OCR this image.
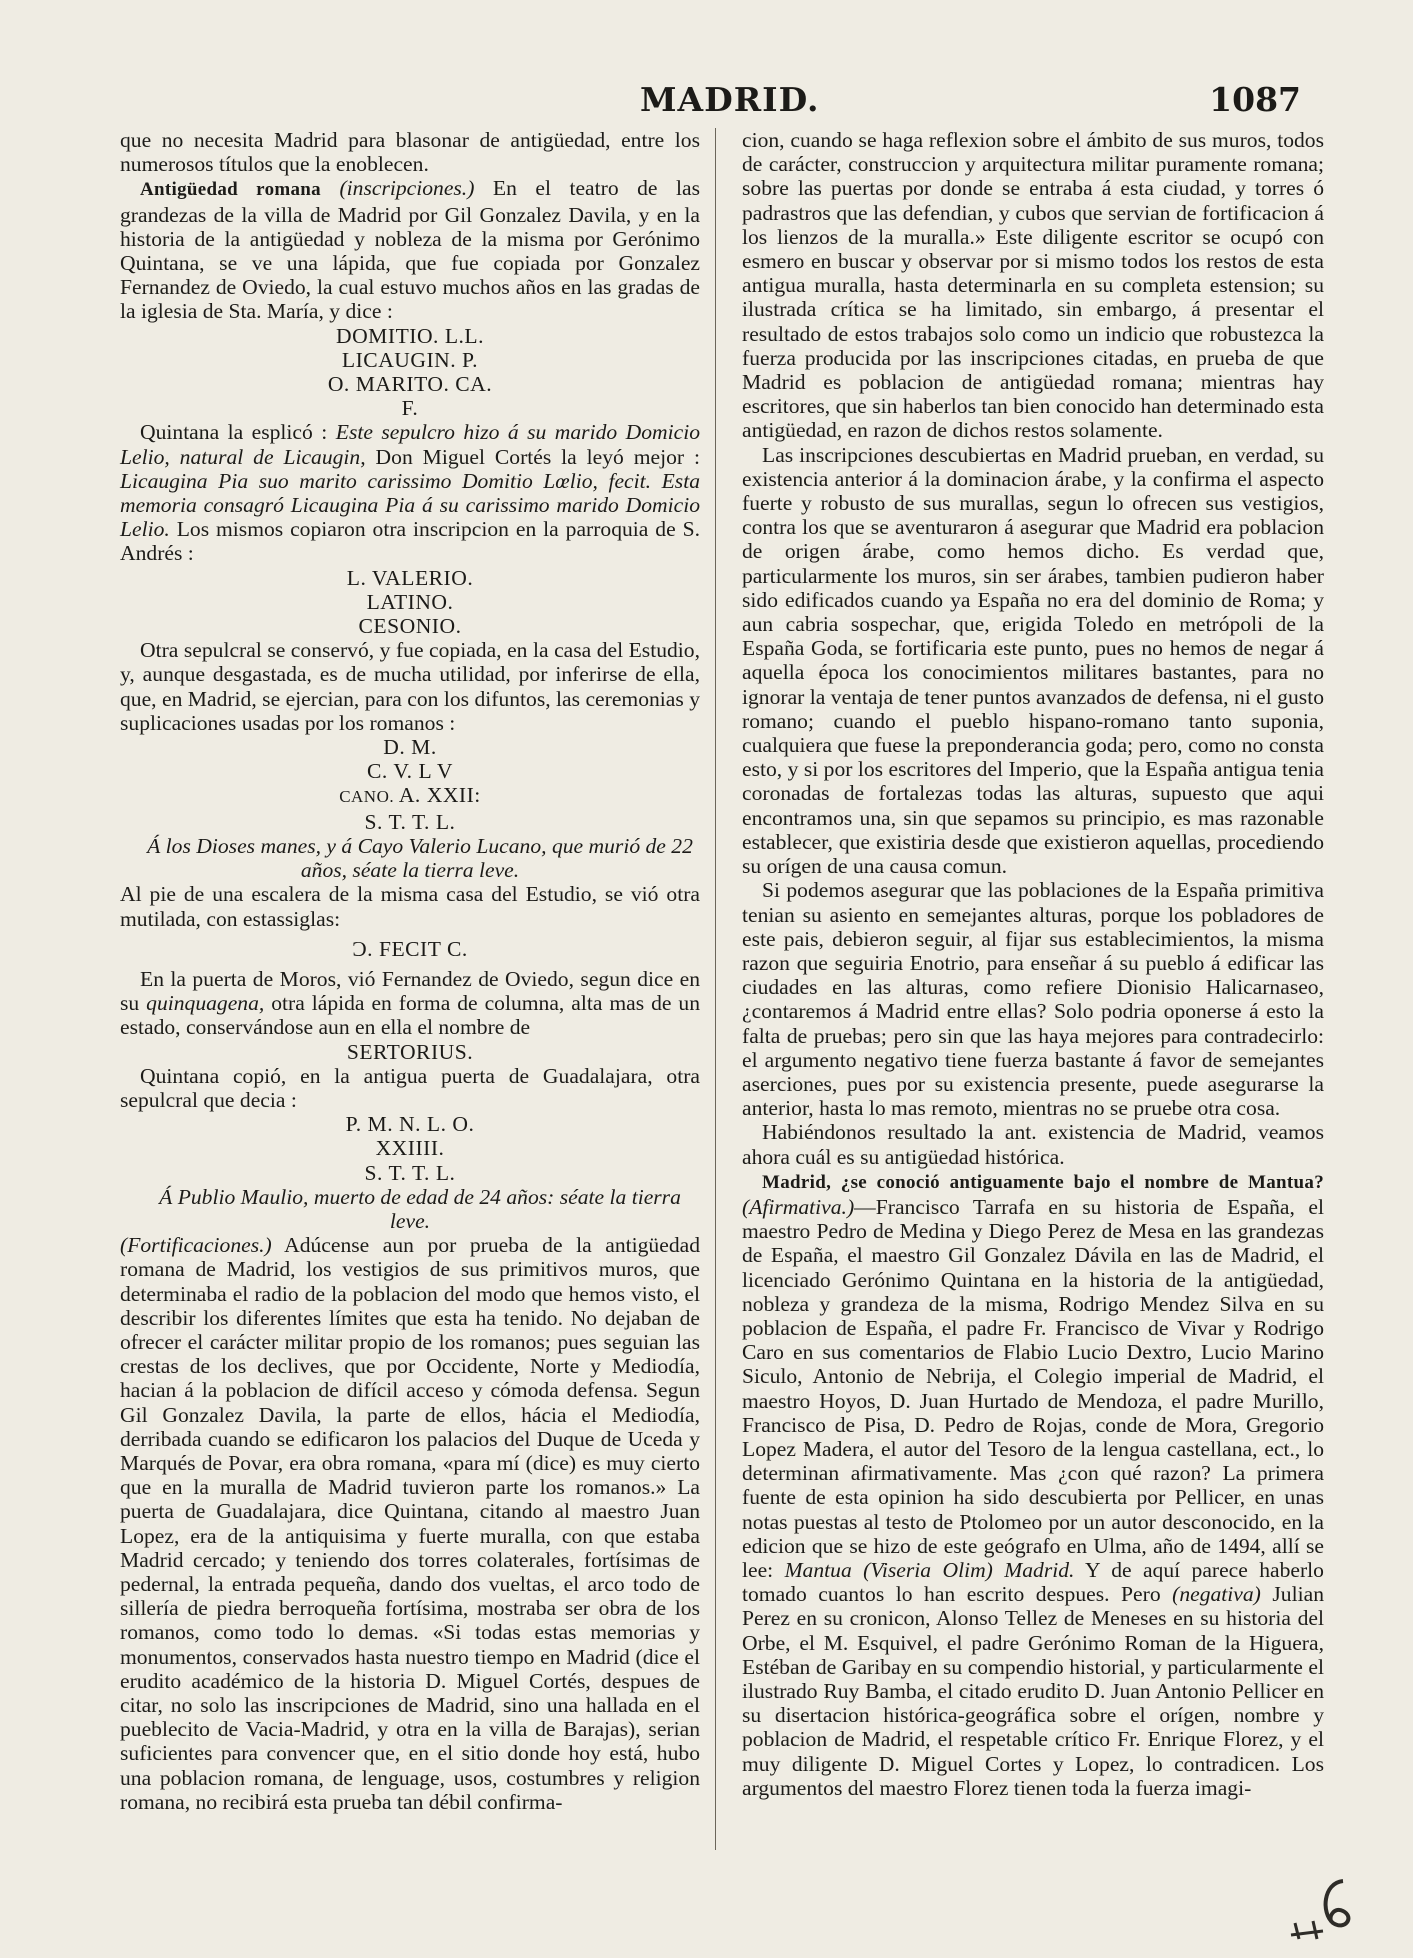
MADRID.	1087

que no necesita Madrid para blasonar de antigüedad, entre los numerosos títulos que la enoblecen.

Antigüedad romana (inscripciones.) En el teatro de las grandezas de la villa de Madrid por Gil Gonzalez Davila, y en la historia de la antigüedad y nobleza de la misma por Gerónimo Quintana, se ve una lápida, que fue copiada por Gonzalez Fernandez de Oviedo, la cual estuvo muchos años en las gradas de la iglesia de Sta. María, y dice :

DOMITIO. L.L.
LICAUGIN. P.
O. MARITO. CA.
F.

Quintana la esplicó : Este sepulcro hizo á su marido Domicio Lelio, natural de Licaugin, Don Miguel Cortés la leyó mejor : Licaugina Pia suo marito carissimo Domitio Lœlio, fecit. Esta memoria consagró Licaugina Pia á su carissimo marido Domicio Lelio. Los mismos copiaron otra inscripcion en la parroquia de S. Andrés :

L. VALERIO.
LATINO.
CESONIO.

Otra sepulcral se conservó, y fue copiada, en la casa del Estudio, y, aunque desgastada, es de mucha utilidad, por inferirse de ella, que, en Madrid, se ejercian, para con los difuntos, las ceremonias y suplicaciones usadas por los romanos :

D. M.
C. V. L V
CANO. A. XXII:
S. T. T. L.

Á los Dioses manes, y á Cayo Valerio Lucano, que murió de 22 años, séate la tierra leve.

Al pie de una escalera de la misma casa del Estudio, se vió otra mutilada, con estassiglas:

Ɔ. FECIT C.

En la puerta de Moros, vió Fernandez de Oviedo, segun dice en su quinquagena, otra lápida en forma de columna, alta mas de un estado, conservándose aun en ella el nombre de

SERTORIUS.

Quintana copió, en la antigua puerta de Guadalajara, otra sepulcral que decia :

P. M. N. L. O.
XXIIII.
S. T. T. L.

Á Publio Maulio, muerto de edad de 24 años: séate la tierra leve.

(Fortificaciones.) Adúcense aun por prueba de la antigüedad romana de Madrid, los vestigios de sus primitivos muros, que determinaba el radio de la poblacion del modo que hemos visto, el describir los diferentes límites que esta ha tenido. No dejaban de ofrecer el carácter militar propio de los romanos; pues seguian las crestas de los declives, que por Occidente, Norte y Mediodía, hacian á la poblacion de difícil acceso y cómoda defensa. Segun Gil Gonzalez Davila, la parte de ellos, hácia el Mediodía, derribada cuando se edificaron los palacios del Duque de Uceda y Marqués de Povar, era obra romana, «para mí (dice) es muy cierto que en la muralla de Madrid tuvieron parte los romanos.» La puerta de Guadalajara, dice Quintana, citando al maestro Juan Lopez, era de la antiquisima y fuerte muralla, con que estaba Madrid cercado; y teniendo dos torres colaterales, fortísimas de pedernal, la entrada pequeña, dando dos vueltas, el arco todo de sillería de piedra berroqueña fortísima, mostraba ser obra de los romanos, como todo lo demas. «Si todas estas memorias y monumentos, conservados hasta nuestro tiempo en Madrid (dice el erudito académico de la historia D. Miguel Cortés, despues de citar, no solo las inscripciones de Madrid, sino una hallada en el pueblecito de Vacia-Madrid, y otra en la villa de Barajas), serian suficientes para convencer que, en el sitio donde hoy está, hubo una poblacion romana, de lenguage, usos, costumbres y religion romana, no recibirá esta prueba tan débil confirma-

cion, cuando se haga reflexion sobre el ámbito de sus muros, todos de carácter, construccion y arquitectura militar puramente romana; sobre las puertas por donde se entraba á esta ciudad, y torres ó padrastros que las defendian, y cubos que servian de fortificacion á los lienzos de la muralla.» Este diligente escritor se ocupó con esmero en buscar y observar por si mismo todos los restos de esta antigua muralla, hasta determinarla en su completa estension; su ilustrada crítica se ha limitado, sin embargo, á presentar el resultado de estos trabajos solo como un indicio que robustezca la fuerza producida por las inscripciones citadas, en prueba de que Madrid es poblacion de antigüedad romana; mientras hay escritores, que sin haberlos tan bien conocido han determinado esta antigüedad, en razon de dichos restos solamente.

Las inscripciones descubiertas en Madrid prueban, en verdad, su existencia anterior á la dominacion árabe, y la confirma el aspecto fuerte y robusto de sus murallas, segun lo ofrecen sus vestigios, contra los que se aventuraron á asegurar que Madrid era poblacion de origen árabe, como hemos dicho. Es verdad que, particularmente los muros, sin ser árabes, tambien pudieron haber sido edificados cuando ya España no era del dominio de Roma; y aun cabria sospechar, que, erigida Toledo en metrópoli de la España Goda, se fortificaria este punto, pues no hemos de negar á aquella época los conocimientos militares bastantes, para no ignorar la ventaja de tener puntos avanzados de defensa, ni el gusto romano; cuando el pueblo hispano-romano tanto suponia, cualquiera que fuese la preponderancia goda; pero, como no consta esto, y si por los escritores del Imperio, que la España antigua tenia coronadas de fortalezas todas las alturas, supuesto que aqui encontramos una, sin que sepamos su principio, es mas razonable establecer, que existiria desde que existieron aquellas, procediendo su orígen de una causa comun.

Si podemos asegurar que las poblaciones de la España primitiva tenian su asiento en semejantes alturas, porque los pobladores de este pais, debieron seguir, al fijar sus establecimientos, la misma razon que seguiria Enotrio, para enseñar á su pueblo á edificar las ciudades en las alturas, como refiere Dionisio Halicarnaseo, ¿contaremos á Madrid entre ellas? Solo podria oponerse á esto la falta de pruebas; pero sin que las haya mejores para contradecirlo: el argumento negativo tiene fuerza bastante á favor de semejantes aserciones, pues por su existencia presente, puede asegurarse la anterior, hasta lo mas remoto, mientras no se pruebe otra cosa.

Habiéndonos resultado la ant. existencia de Madrid, veamos ahora cuál es su antigüedad histórica.

Madrid, ¿se conoció antiguamente bajo el nombre de Mantua? (Afirmativa.)—Francisco Tarrafa en su historia de España, el maestro Pedro de Medina y Diego Perez de Mesa en las grandezas de España, el maestro Gil Gonzalez Dávila en las de Madrid, el licenciado Gerónimo Quintana en la historia de la antigüedad, nobleza y grandeza de la misma, Rodrigo Mendez Silva en su poblacion de España, el padre Fr. Francisco de Vivar y Rodrigo Caro en sus comentarios de Flabio Lucio Dextro, Lucio Marino Siculo, Antonio de Nebrija, el Colegio imperial de Madrid, el maestro Hoyos, D. Juan Hurtado de Mendoza, el padre Murillo, Francisco de Pisa, D. Pedro de Rojas, conde de Mora, Gregorio Lopez Madera, el autor del Tesoro de la lengua castellana, ect., lo determinan afirmativamente. Mas ¿con qué razon? La primera fuente de esta opinion ha sido descubierta por Pellicer, en unas notas puestas al testo de Ptolomeo por un autor desconocido, en la edicion que se hizo de este geógrafo en Ulma, año de 1494, allí se lee: Mantua (Viseria Olim) Madrid. Y de aquí parece haberlo tomado cuantos lo han escrito despues. Pero (negativa) Julian Perez en su cronicon, Alonso Tellez de Meneses en su historia del Orbe, el M. Esquivel, el padre Gerónimo Roman de la Higuera, Estéban de Garibay en su compendio historial, y particularmente el ilustrado Ruy Bamba, el citado erudito D. Juan Antonio Pellicer en su disertacion histórica-geográfica sobre el orígen, nombre y poblacion de Madrid, el respetable crítico Fr. Enrique Florez, y el muy diligente D. Miguel Cortes y Lopez, lo contradicen. Los argumentos del maestro Florez tienen toda la fuerza imagi-
